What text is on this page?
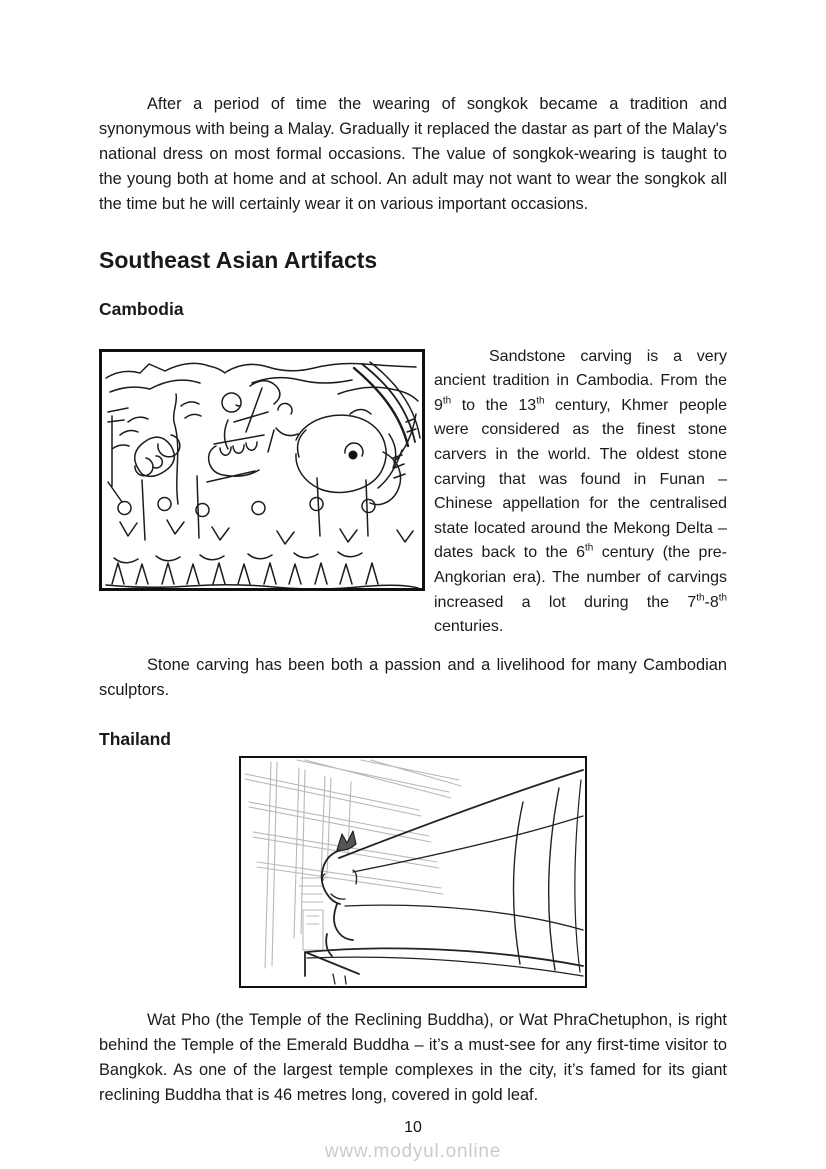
After a period of time the wearing of songkok became a tradition and synonymous with being a Malay. Gradually it replaced the dastar as part of the Malay's national dress on most formal occasions. The value of songkok-wearing is taught to the young both at home and at school. An adult may not want to wear the songkok all the time but he will certainly wear it on various important occasions.

Southeast Asian Artifacts
Cambodia

Sandstone carving is a very ancient tradition in Cambodia. From the 9th to the 13th century, Khmer people were considered as the finest stone carvers in the world. The oldest stone carving that was found in Funan – Chinese appellation for the centralised state located around the Mekong Delta – dates back to the 6th century (the pre-Angkorian era). The number of carvings increased a lot during the 7th-8th centuries.

Stone carving has been both a passion and a livelihood for many Cambodian sculptors.

Thailand

Wat Pho (the Temple of the Reclining Buddha), or Wat PhraChetuphon, is right behind the Temple of the Emerald Buddha – it’s a must-see for any first-time visitor to Bangkok. As one of the largest temple complexes in the city, it’s famed for its giant reclining Buddha that is 46 metres long, covered in gold leaf.

10
www.modyul.online
